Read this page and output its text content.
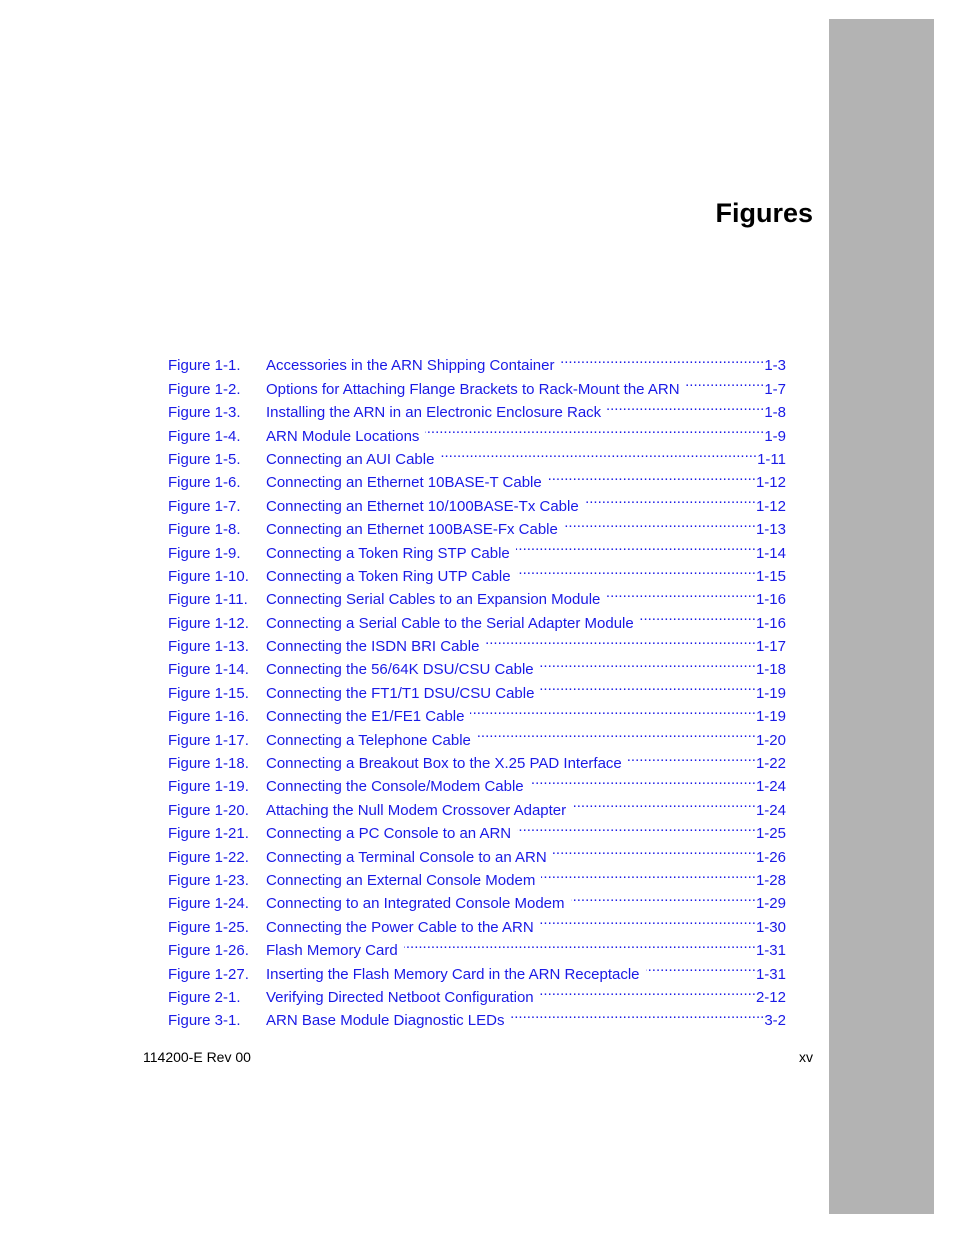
Figures
Figure 1-1.	Accessories in the ARN Shipping Container .....	1-3
Figure 1-2.	Options for Attaching Flange Brackets to Rack-Mount the ARN .....	1-7
Figure 1-3.	Installing the ARN in an Electronic Enclosure Rack .....	1-8
Figure 1-4.	ARN Module Locations .....	1-9
Figure 1-5.	Connecting an AUI Cable .....	1-11
Figure 1-6.	Connecting an Ethernet 10BASE-T Cable .....	1-12
Figure 1-7.	Connecting an Ethernet 10/100BASE-Tx Cable .....	1-12
Figure 1-8.	Connecting an Ethernet 100BASE-Fx Cable .....	1-13
Figure 1-9.	Connecting a Token Ring STP Cable .....	1-14
Figure 1-10.	Connecting a Token Ring UTP Cable .....	1-15
Figure 1-11.	Connecting Serial Cables to an Expansion Module .....	1-16
Figure 1-12.	Connecting a Serial Cable to the Serial Adapter Module .....	1-16
Figure 1-13.	Connecting the ISDN BRI Cable .....	1-17
Figure 1-14.	Connecting the 56/64K DSU/CSU Cable .....	1-18
Figure 1-15.	Connecting the FT1/T1 DSU/CSU Cable .....	1-19
Figure 1-16.	Connecting the E1/FE1 Cable .....	1-19
Figure 1-17.	Connecting a Telephone Cable .....	1-20
Figure 1-18.	Connecting a Breakout Box to the X.25 PAD Interface .....	1-22
Figure 1-19.	Connecting the Console/Modem Cable .....	1-24
Figure 1-20.	Attaching the Null Modem Crossover Adapter .....	1-24
Figure 1-21.	Connecting a PC Console to an ARN .....	1-25
Figure 1-22.	Connecting a Terminal Console to an ARN .....	1-26
Figure 1-23.	Connecting an External Console Modem .....	1-28
Figure 1-24.	Connecting to an Integrated Console Modem .....	1-29
Figure 1-25.	Connecting the Power Cable to the ARN .....	1-30
Figure 1-26.	Flash Memory Card .....	1-31
Figure 1-27.	Inserting the Flash Memory Card in the ARN Receptacle .....	1-31
Figure 2-1.	Verifying Directed Netboot Configuration .....	2-12
Figure 3-1.	ARN Base Module Diagnostic LEDs .....	3-2
114200-E Rev 00	xv
